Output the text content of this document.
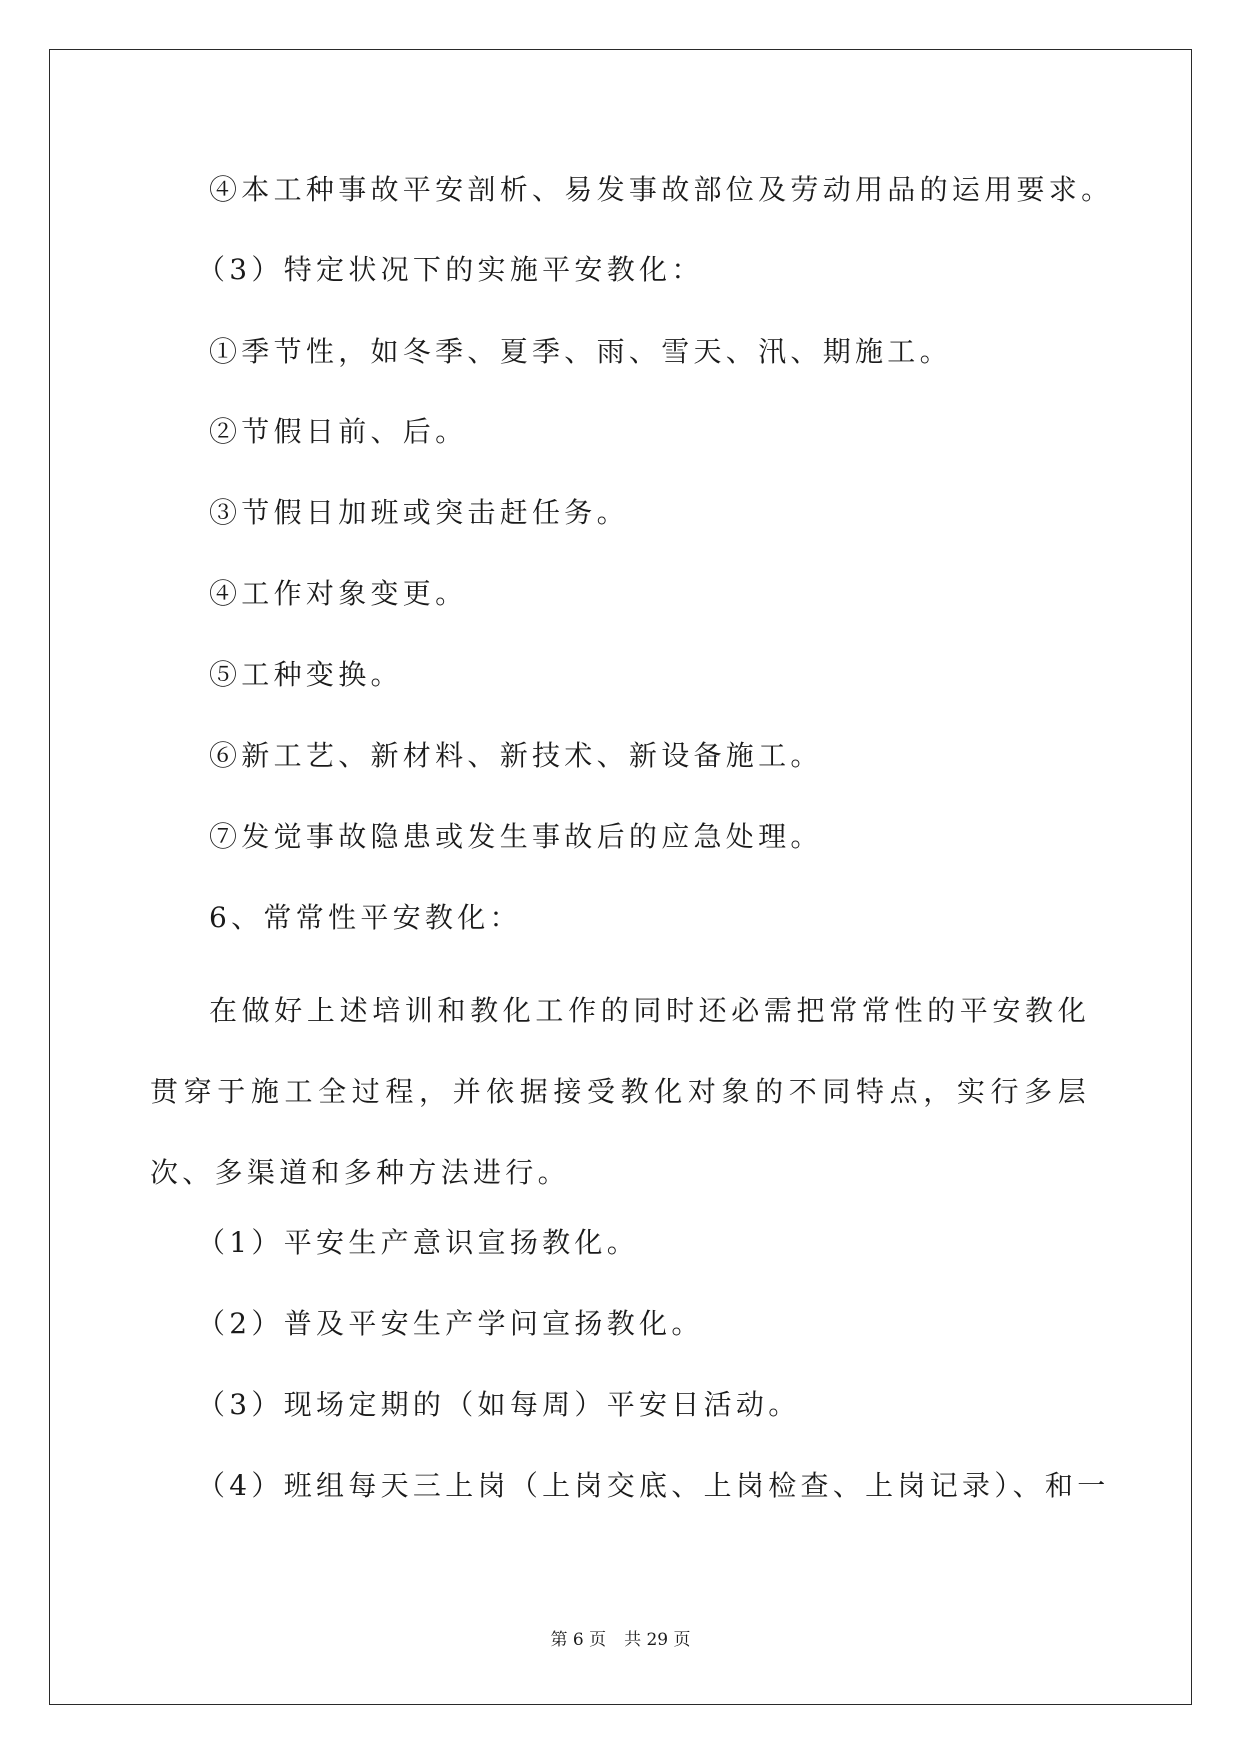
④本工种事故平安剖析、易发事故部位及劳动用品的运用要求。
（3）特定状况下的实施平安教化：
①季节性，如冬季、夏季、雨、雪天、汛、期施工。
②节假日前、后。
③节假日加班或突击赶任务。
④工作对象变更。
⑤工种变换。
⑥新工艺、新材料、新技术、新设备施工。
⑦发觉事故隐患或发生事故后的应急处理。
6、常常性平安教化：
在做好上述培训和教化工作的同时还必需把常常性的平安教化贯穿于施工全过程，并依据接受教化对象的不同特点，实行多层次、多渠道和多种方法进行。
（1）平安生产意识宣扬教化。
（2）普及平安生产学问宣扬教化。
（3）现场定期的（如每周）平安日活动。
（4）班组每天三上岗（上岗交底、上岗检查、上岗记录）、和一
第 6 页 共 29 页
